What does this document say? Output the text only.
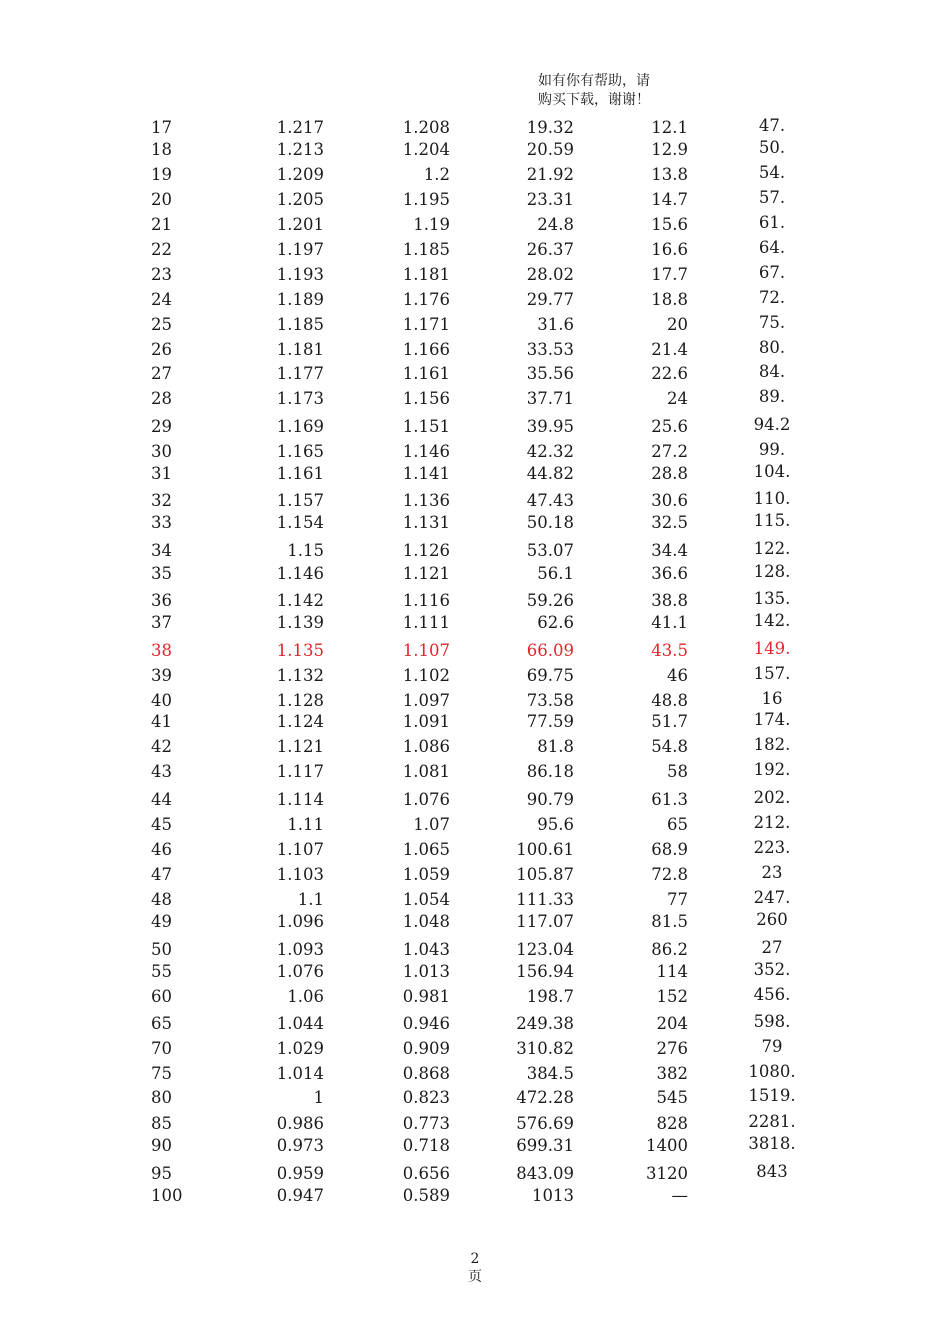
如有你有帮助，请
购买下载，谢谢！
17	1.217	1.208	19.32	12.1	47.
18	1.213	1.204	20.59	12.9	50.
19	1.209	1.2	21.92	13.8	54.
20	1.205	1.195	23.31	14.7	57.
21	1.201	1.19	24.8	15.6	61.
22	1.197	1.185	26.37	16.6	64.
23	1.193	1.181	28.02	17.7	67.
24	1.189	1.176	29.77	18.8	72.
25	1.185	1.171	31.6	20	75.
26	1.181	1.166	33.53	21.4	80.
27	1.177	1.161	35.56	22.6	84.
28	1.173	1.156	37.71	24	89.
29	1.169	1.151	39.95	25.6	94.2
30	1.165	1.146	42.32	27.2	99.
31	1.161	1.141	44.82	28.8	104.
32	1.157	1.136	47.43	30.6	110.
33	1.154	1.131	50.18	32.5	115.
34	1.15	1.126	53.07	34.4	122.
35	1.146	1.121	56.1	36.6	128.
36	1.142	1.116	59.26	38.8	135.
37	1.139	1.111	62.6	41.1	142.
38	1.135	1.107	66.09	43.5	149.
39	1.132	1.102	69.75	46	157.
40	1.128	1.097	73.58	48.8	16
41	1.124	1.091	77.59	51.7	174.
42	1.121	1.086	81.8	54.8	182.
43	1.117	1.081	86.18	58	192.
44	1.114	1.076	90.79	61.3	202.
45	1.11	1.07	95.6	65	212.
46	1.107	1.065	100.61	68.9	223.
47	1.103	1.059	105.87	72.8	23
48	1.1	1.054	111.33	77	247.
49	1.096	1.048	117.07	81.5	260
50	1.093	1.043	123.04	86.2	27
55	1.076	1.013	156.94	114	352.
60	1.06	0.981	198.7	152	456.
65	1.044	0.946	249.38	204	598.
70	1.029	0.909	310.82	276	79
75	1.014	0.868	384.5	382	1080.
80	1	0.823	472.28	545	1519.
85	0.986	0.773	576.69	828	2281.
90	0.973	0.718	699.31	1400	3818.
95	0.959	0.656	843.09	3120	843
100	0.947	0.589	1013	—
2
页
